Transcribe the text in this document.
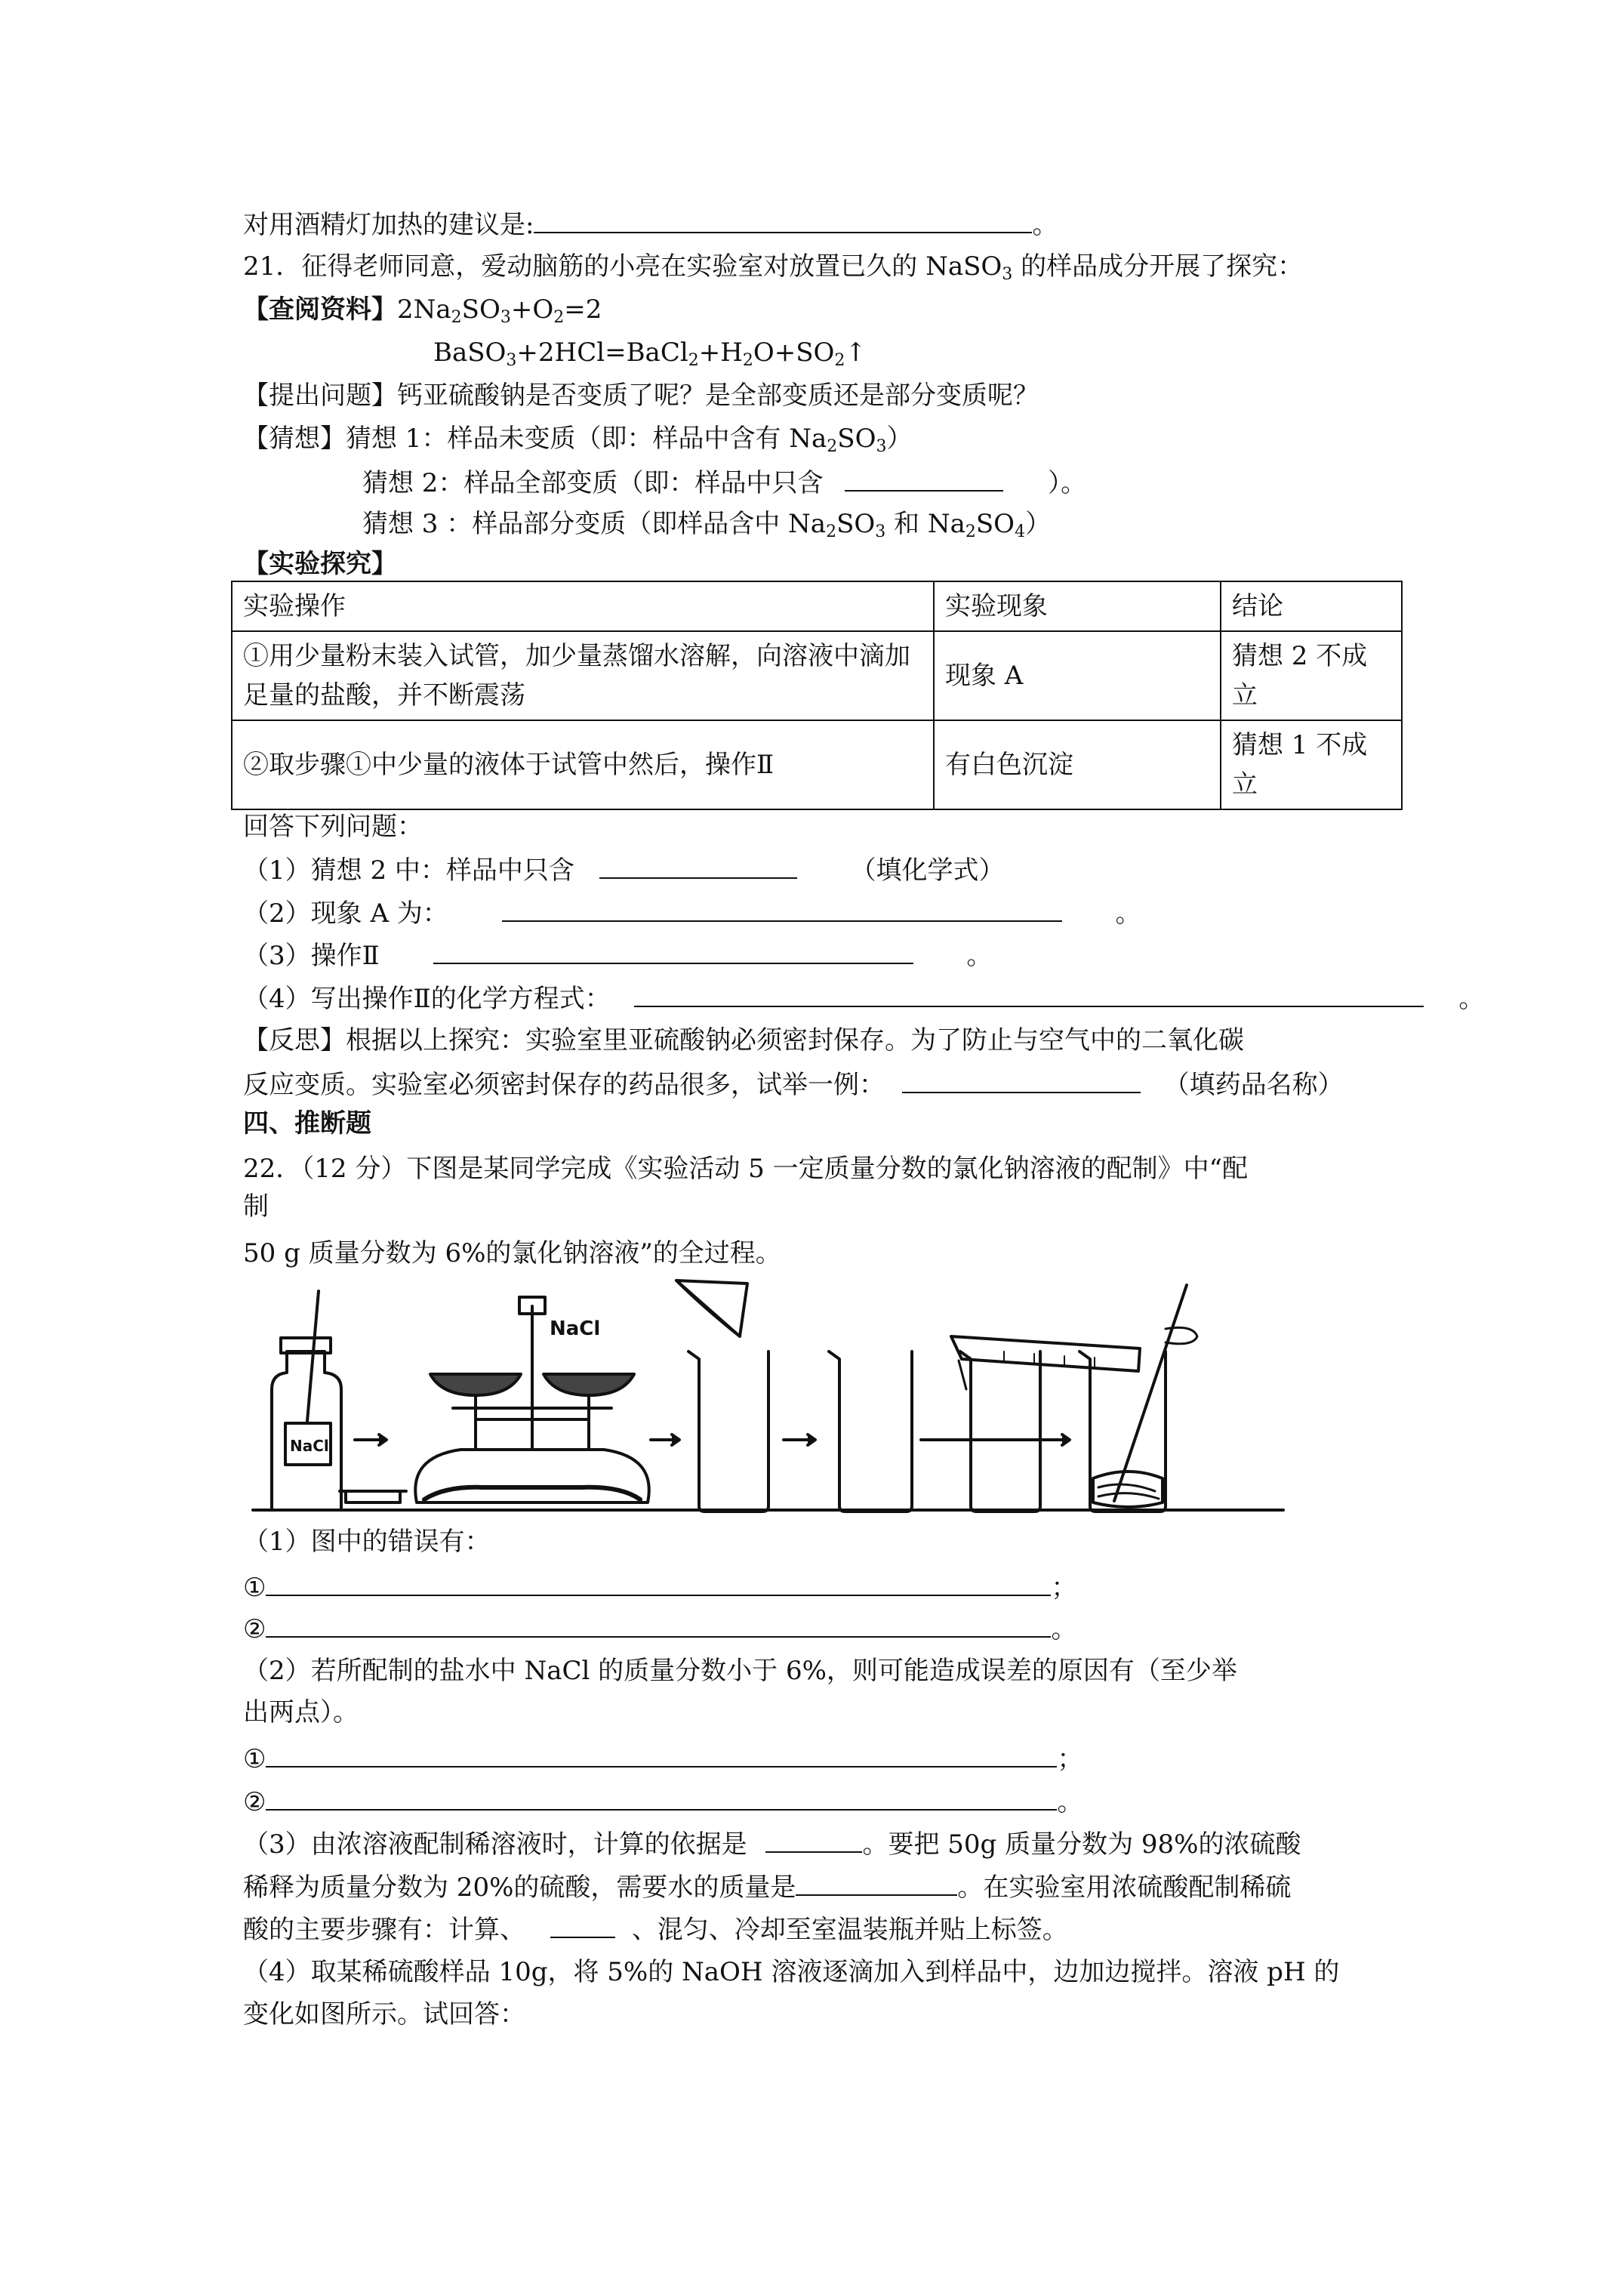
对用酒精灯加热的建议是:	。
21．征得老师同意，爱动脑筋的小亮在实验室对放置已久的 NaSO$_3$ 的样品成分开展了探究：
【查阅资料】$2Na_2SO_3+O_2=2$
$BaSO_3+2HCl=BaCl_2+H_2O+SO_2↑$
【提出问题】钙亚硫酸钠是否变质了呢？是全部变质还是部分变质呢？
【猜想】猜想 1：样品未变质（即：样品中含有 $Na_2SO_3$）
猜想 2：样品全部变质（即：样品中只含	）。
猜想 3 ：样品部分变质（即样品含中 $Na_2SO_3$ 和 $Na_2SO_4$）
【实验探究】
实验操作	实验现象	结论
①用少量粉末装入试管，加少量蒸馏水溶解，向溶液中滴加足量的盐酸，并不断震荡	现象 A	猜想 2 不成立
②取步骤①中少量的液体于试管中然后，操作Ⅱ	有白色沉淀	猜想 1 不成立
回答下列问题：
（1）猜想 2 中：样品中只含	（填化学式）
（2）现象 A 为：	。
（3）操作Ⅱ	。
（4）写出操作Ⅱ的化学方程式：	。
【反思】根据以上探究：实验室里亚硫酸钠必须密封保存。为了防止与空气中的二氧化碳
反应变质。实验室必须密封保存的药品很多，试举一例：	（填药品名称）
四、推断题
22．（12 分）下图是某同学完成《实验活动 5 一定质量分数的氯化钠溶液的配制》中“配
制
50 g 质量分数为 6%的氯化钠溶液”的全过程。
NaCl
NaCl
（1）图中的错误有：
①	；
②	。
（2）若所配制的盐水中 NaCl 的质量分数小于 6%，则可能造成误差的原因有（至少举
出两点）。
①	；
②	。
（3）由浓溶液配制稀溶液时，计算的依据是	。要把 50g 质量分数为 98%的浓硫酸
稀释为质量分数为 20%的硫酸，需要水的质量是	。在实验室用浓硫酸配制稀硫
酸的主要步骤有：计算、	、混匀、冷却至室温装瓶并贴上标签。
（4）取某稀硫酸样品 10g，将 5%的 NaOH 溶液逐滴加入到样品中，边加边搅拌。溶液 pH 的
变化如图所示。试回答：
